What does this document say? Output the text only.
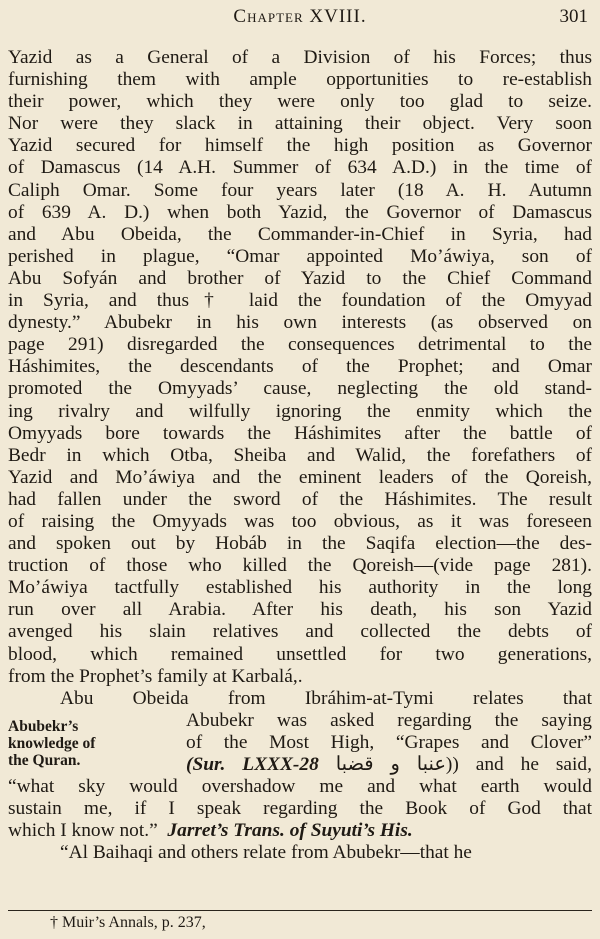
Chapter XVIII.	301
Yazid as a General of a Division of his Forces; thus
furnishing them with ample opportunities to re-establish
their power, which they were only too glad to seize.
Nor were they slack in attaining their object. Very soon
Yazid secured for himself the high position as Governor
of Damascus (14 A.H. Summer of 634 A.D.) in the time of
Caliph Omar. Some four years later (18 A. H. Autumn
of 639 A. D.) when both Yazid, the Governor of Damascus
and Abu Obeida, the Commander-in-Chief in Syria, had
perished in plague, “Omar appointed Mo’áwiya, son of
Abu Sofyán and brother of Yazid to the Chief Command
in Syria, and thus† laid the foundation of the Omyyad
dynesty.” Abubekr in his own interests (as observed on
page 291) disregarded the consequences detrimental to the
Háshimites, the descendants of the Prophet; and Omar
promoted the Omyyads’ cause, neglecting the old stand-
ing rivalry and wilfully ignoring the enmity which the
Omyyads bore towards the Háshimites after the battle of
Bedr in which Otba, Sheiba and Walid, the forefathers of
Yazid and Mo’áwiya and the eminent leaders of the Qoreish,
had fallen under the sword of the Háshimites. The result
of raising the Omyyads was too obvious, as it was foreseen
and spoken out by Hobáb in the Saqifa election—the des-
truction of those who killed the Qoreish—(vide page 281).
Mo’áwiya tactfully established his authority in the long
run over all Arabia. After his death, his son Yazid
avenged his slain relatives and collected the debts of
blood, which remained unsettled for two generations,
from the Prophet’s family at Karbalá,.
Abu Obeida from Ibráhim-at-Tymi relates that
Abubekr’s
knowledge of
the Quran.
Abubekr was asked regarding the saying
of the Most High, “Grapes and Clover”
(Sur. LXXX-28 (عنبا و قضبا) and he said,
“what sky would overshadow me and what earth would
sustain me, if I speak regarding the Book of God that
which I know not.” Jarret’s Trans. of Suyuti’s His.
“Al Baihaqi and others relate from Abubekr—that he
† Muir’s Annals, p. 237,
